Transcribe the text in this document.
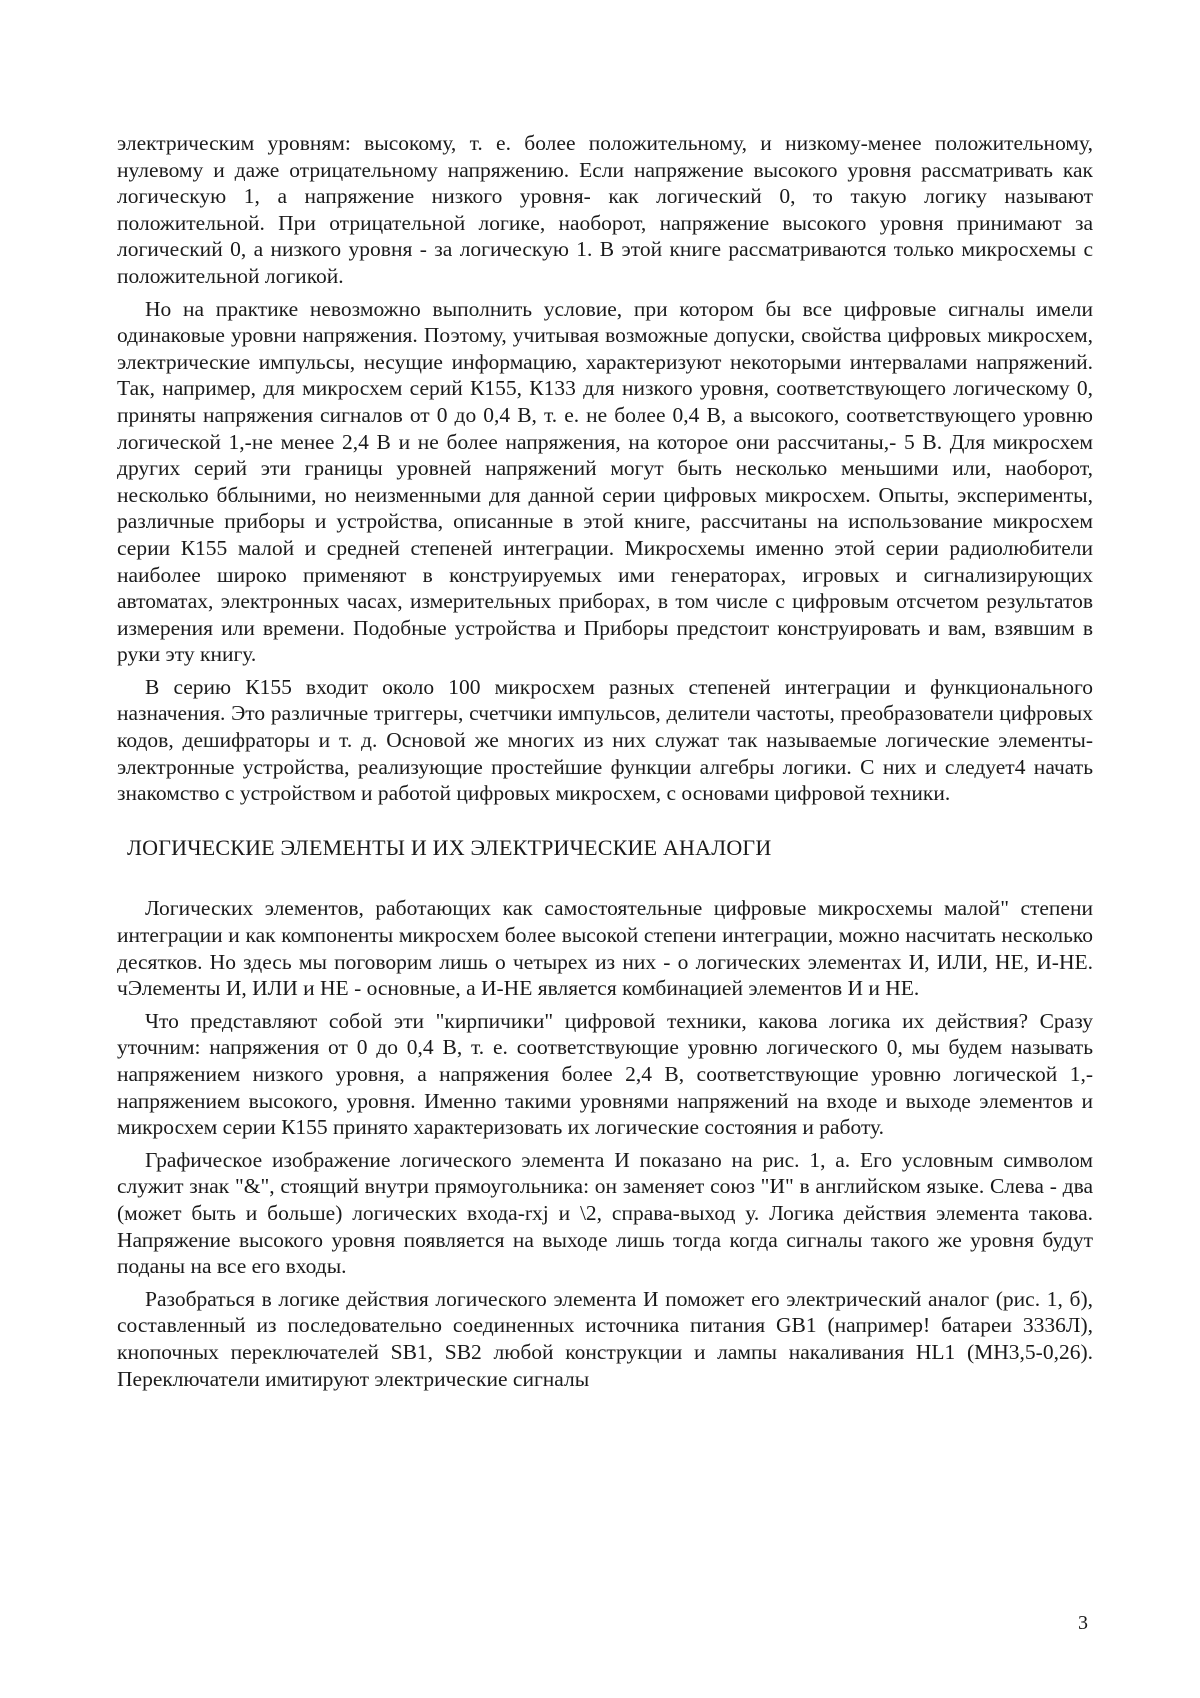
электрическим уровням: высокому, т. е. более положительному, и низкому-менее положительному, нулевому и даже отрицательному напряжению. Если напряжение высокого уровня рассматривать как логическую 1, а напряжение низкого уровня- как логический 0, то такую логику называют положительной. При отрицательной логике, наоборот, напряжение высокого уровня принимают за логический 0, а низкого уровня - за логическую 1. В этой книге рассматриваются только микросхемы с положительной логикой.

Но на практике невозможно выполнить условие, при котором бы все цифровые сигналы имели одинаковые уровни напряжения. Поэтому, учитывая возможные допуски, свойства цифровых микросхем, электрические импульсы, несущие информацию, характеризуют некоторыми интервалами напряжений. Так, например, для микросхем серий К155, К133 для низкого уровня, соответствующего логическому 0, приняты напряжения сигналов от 0 до 0,4 В, т. е. не более 0,4 В, а высокого, соответствующего уровню логической 1,-не менее 2,4 В и не более напряжения, на которое они рассчитаны,- 5 В. Для микросхем других серий эти границы уровней напряжений могут быть несколько меньшими или, наоборот, несколько бблыними, но неизменными для данной серии цифровых микросхем. Опыты, эксперименты, различные приборы и устройства, описанные в этой книге, рассчитаны на использование микросхем серии К155 малой и средней степеней интеграции. Микросхемы именно этой серии радиолюбители наиболее широко применяют в конструируемых ими генераторах, игровых и сигнализирующих автоматах, электронных часах, измерительных приборах, в том числе с цифровым отсчетом результатов измерения или времени. Подобные устройства и Приборы предстоит конструировать и вам, взявшим в руки эту книгу.

В серию К155 входит около 100 микросхем разных степеней интеграции и функционального назначения. Это различные триггеры, счетчики импульсов, делители частоты, преобразователи цифровых кодов, дешифраторы и т. д. Основой же многих из них служат так называемые логические элементы- электронные устройства, реализующие простейшие функции алгебры логики. С них и следует4 начать знакомство с устройством и работой цифровых микросхем, с основами цифровой техники.

ЛОГИЧЕСКИЕ ЭЛЕМЕНТЫ И ИХ ЭЛЕКТРИЧЕСКИЕ АНАЛОГИ

Логических элементов, работающих как самостоятельные цифровые микросхемы малой" степени интеграции и как компоненты микросхем более высокой степени интеграции, можно насчитать несколько десятков. Но здесь мы поговорим лишь о четырех из них - о логических элементах И, ИЛИ, НЕ, И-НЕ. чЭлементы И, ИЛИ и НЕ - основные, а И-НЕ является комбинацией элементов И и НЕ.

Что представляют собой эти "кирпичики" цифровой техники, какова логика их действия? Сразу уточним: напряжения от 0 до 0,4 В, т. е. соответствующие уровню логического 0, мы будем называть напряжением низкого уровня, а напряжения более 2,4 В, соответствующие уровню логической 1,- напряжением высокого, уровня. Именно такими уровнями напряжений на входе и выходе элементов и микросхем серии К155 принято характеризовать их логические состояния и работу.

Графическое изображение логического элемента И показано на рис. 1, а. Его условным символом служит знак "&", стоящий внутри прямоугольника: он заменяет союз "И" в английском языке. Слева - два (может быть и больше) логических входа-rxj и \2, справа-выход у. Логика действия элемента такова. Напряжение высокого уровня появляется на выходе лишь тогда когда сигналы такого же уровня будут поданы на все его входы.

Разобраться в логике действия логического элемента И поможет его электрический аналог (рис. 1, б), составленный из последовательно соединенных источника питания GB1 (например! батареи 3336Л), кнопочных переключателей SB1, SB2 любой конструкции и лампы накаливания HL1 (МН3,5-0,26). Переключатели имитируют электрические сигналы

3
